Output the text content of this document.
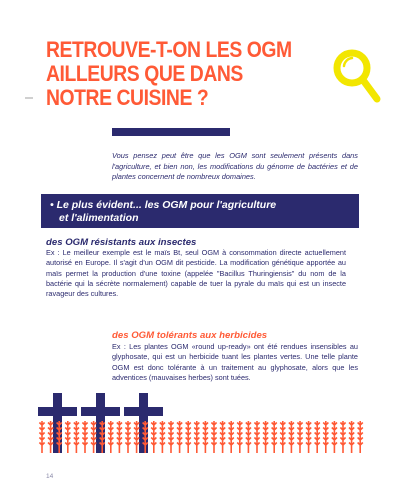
RETROUVE-T-ON LES OGM
AILLEURS QUE DANS
NOTRE CUISINE ?

Vous pensez peut être que les OGM sont seulement présents dans l'agriculture, et bien non, les modifications du génome de bactéries et de plantes concernent de nombreux domaines.

• Le plus évident... les OGM pour l'agriculture
et l'alimentation
des OGM résistants aux insectes

Ex : Le meilleur exemple est le maïs Bt, seul OGM à consommation directe actuellement autorisé en Europe. Il s'agit d'un OGM dit pesticide. La modification génétique apportée au maïs permet la production d'une toxine (appelée "Bacillus Thuringiensis" du nom de la bactérie qui la sécrète normalement) capable de tuer la pyrale du maïs qui est un insecte ravageur des cultures.

des OGM tolérants aux herbicides

Ex : Les plantes OGM «round up-ready» ont été rendues insensibles au glyphosate, qui est un herbicide tuant les plantes vertes. Une telle plante OGM est donc tolérante à un traitement au glyphosate, alors que les adventices (mauvaises herbes) sont tuées.

14
